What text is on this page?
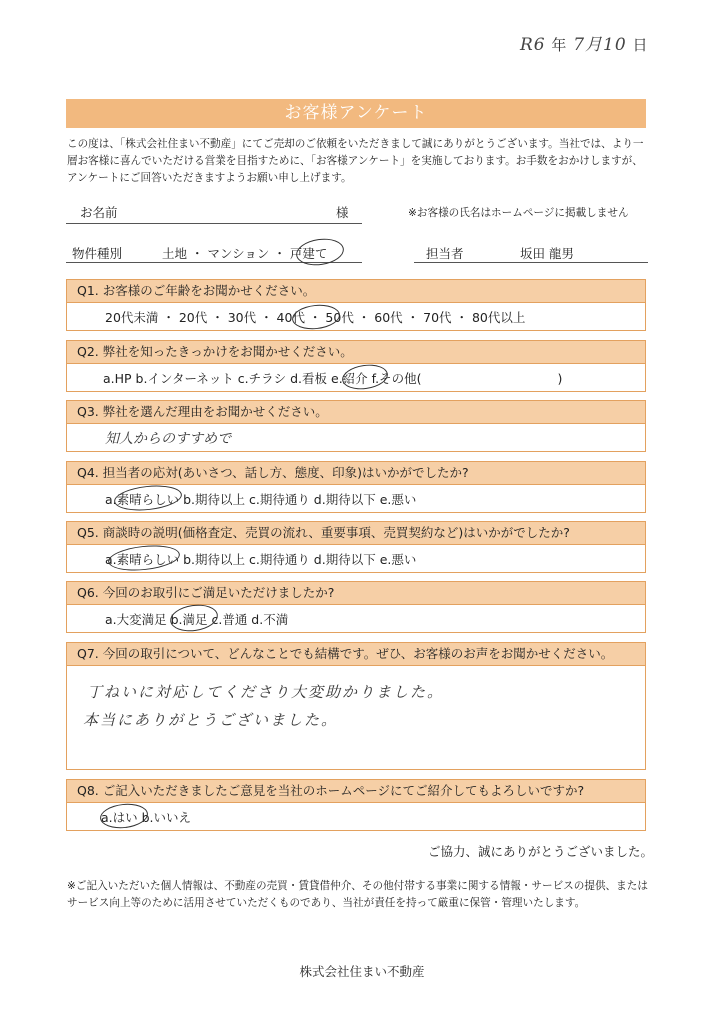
R6 年 7月10 日
お客様アンケート
この度は、「株式会社住まい不動産」にてご売却のご依頼をいただきまして誠にありがとうございます。当社では、より一層お客様に喜んでいただける営業を目指すために、「お客様アンケート」を実施しております。お手数をおかけしますが、アンケートにご回答いただきますようお願い申し上げます。
お名前	様	※お客様の氏名はホームページに掲載しません
物件種別	土地 ・ マンション ・ 戸建て	担当者	坂田 龍男
Q1. お客様のご年齢をお聞かせください。
20代未満 ・ 20代 ・ 30代 ・ 40代 ・ 50代 ・ 60代 ・ 70代 ・ 80代以上
Q2. 弊社を知ったきっかけをお聞かせください。
a.HP b.インターネット c.チラシ d.看板 e.紹介 f.その他(	)
Q3. 弊社を選んだ理由をお聞かせください。
知人からのすすめで
Q4. 担当者の応対(あいさつ、話し方、態度、印象)はいかがでしたか?
a.素晴らしい b.期待以上 c.期待通り d.期待以下 e.悪い
Q5. 商談時の説明(価格査定、売買の流れ、重要事項、売買契約など)はいかがでしたか?
a.素晴らしい b.期待以上 c.期待通り d.期待以下 e.悪い
Q6. 今回のお取引にご満足いただけましたか?
a.大変満足 b.満足 c.普通 d.不満
Q7. 今回の取引について、どんなことでも結構です。ぜひ、お客様のお声をお聞かせください。
丁ねいに対応してくださり大変助かりました。
本当にありがとうございました。
Q8. ご記入いただきましたご意見を当社のホームページにてご紹介してもよろしいですか?
a.はい b.いいえ
ご協力、誠にありがとうございました。
※ご記入いただいた個人情報は、不動産の売買・賃貸借仲介、その他付帯する事業に関する情報・サービスの提供、またはサービス向上等のために活用させていただくものであり、当社が責任を持って厳重に保管・管理いたします。
株式会社住まい不動産
